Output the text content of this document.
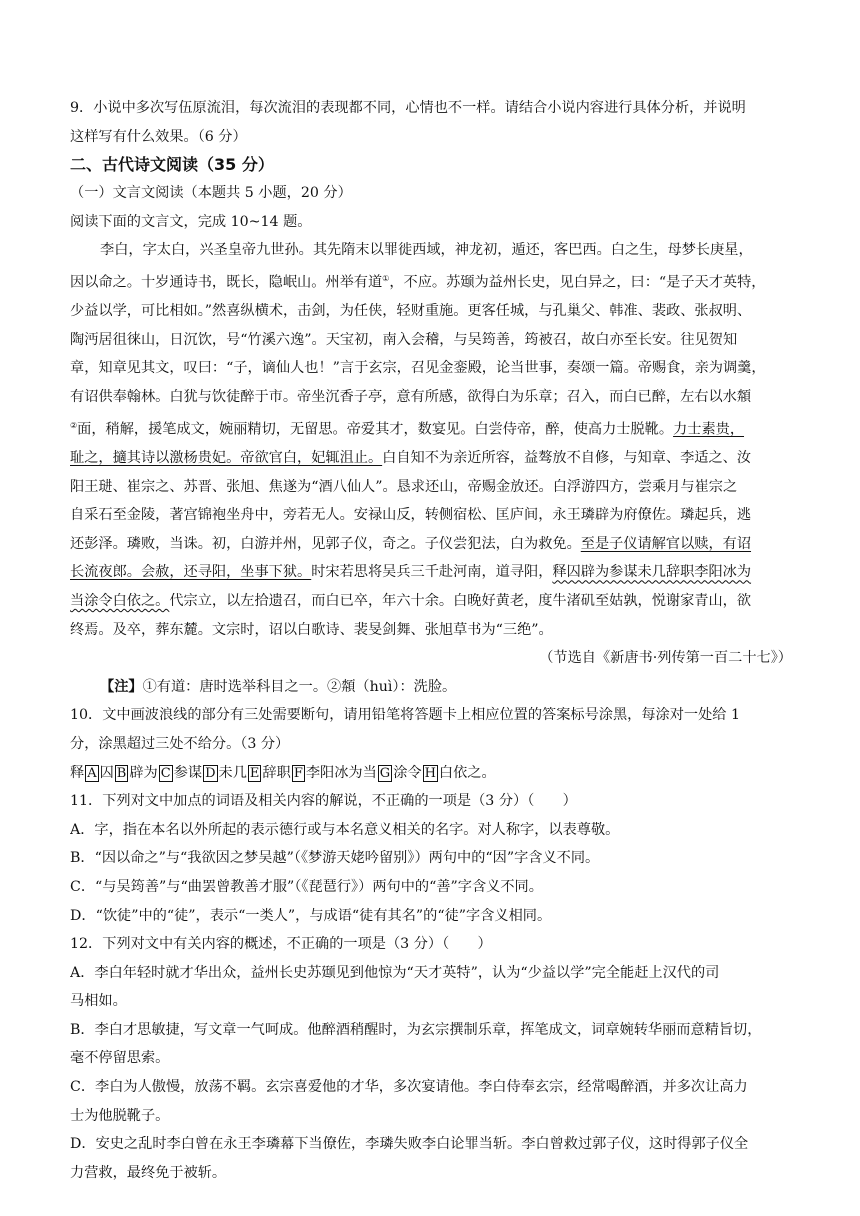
9．小说中多次写伍原流泪，每次流泪的表现都不同，心情也不一样。请结合小说内容进行具体分析，并说明
这样写有什么效果。（6 分）
二、古代诗文阅读（35 分）
（一）文言文阅读（本题共 5 小题，20 分）
阅读下面的文言文，完成 10~14 题。
李白，字太白，兴圣皇帝九世孙。其先隋末以罪徙西域，神龙初，遁还，客巴西。白之生，母梦长庚星，
因以命之。十岁通诗书，既长，隐岷山。州举有道①，不应。苏颋为益州长史，见白异之，曰：“是子天才英特，
少益以学，可比相如。”然喜纵横术，击剑，为任侠，轻财重施。更客任城，与孔巢父、韩准、裴政、张叔明、
陶沔居徂徕山，日沉饮，号“竹溪六逸”。天宝初，南入会稽，与吴筠善，筠被召，故白亦至长安。往见贺知
章，知章见其文，叹曰：“子，谪仙人也！”言于玄宗，召见金銮殿，论当世事，奏颂一篇。帝赐食，亲为调羹，
有诏供奉翰林。白犹与饮徒醉于市。帝坐沉香子亭，意有所感，欲得白为乐章；召入，而白已醉，左右以水頮
②面，稍解，援笔成文，婉丽精切，无留思。帝爱其才，数宴见。白尝侍帝，醉，使高力士脱靴。力士素贵，
耻之，擿其诗以激杨贵妃。帝欲官白，妃辄沮止。白自知不为亲近所容，益骜放不自修，与知章、李适之、汝
阳王琎、崔宗之、苏晋、张旭、焦遂为“酒八仙人”。恳求还山，帝赐金放还。白浮游四方，尝乘月与崔宗之
自采石至金陵，著宫锦袍坐舟中，旁若无人。安禄山反，转侧宿松、匡庐间，永王璘辟为府僚佐。璘起兵，逃
还彭泽。璘败，当诛。初，白游并州，见郭子仪，奇之。子仪尝犯法，白为救免。至是子仪请解官以赎，有诏
长流夜郎。会赦，还寻阳，坐事下狱。时宋若思将吴兵三千赴河南，道寻阳，释囚辟为参谋未几辞职李阳冰为
当涂令白依之。代宗立，以左拾遗召，而白已卒，年六十余。白晚好黄老，度牛渚矶至姑孰，悦谢家青山，欲
终焉。及卒，葬东麓。文宗时，诏以白歌诗、裴旻剑舞、张旭草书为“三绝”。
（节选自《新唐书·列传第一百二十七》）
【注】①有道：唐时选举科目之一。②頮（huì）：洗脸。
10．文中画波浪线的部分有三处需要断句，请用铅笔将答题卡上相应位置的答案标号涂黑，每涂对一处给 1
分，涂黑超过三处不给分。（3 分）
释 A 囚 B 辟为 C 参谋 D 未几 E 辞职 F 李阳冰为当 G 涂令 H 白依之。
11．下列对文中加点的词语及相关内容的解说，不正确的一项是（3 分）（　　）
A．字，指在本名以外所起的表示德行或与本名意义相关的名字。对人称字，以表尊敬。
B．“因以命之”与“我欲因之梦吴越”（《梦游天姥吟留别》）两句中的“因”字含义不同。
C．“与吴筠善”与“曲罢曾教善才服”（《琵琶行》）两句中的“善”字含义不同。
D．“饮徒”中的“徒”，表示“一类人”，与成语“徒有其名”的“徒”字含义相同。
12．下列对文中有关内容的概述，不正确的一项是（3 分）（　　）
A．李白年轻时就才华出众，益州长史苏颋见到他惊为“天才英特”，认为“少益以学”完全能赶上汉代的司
马相如。
B．李白才思敏捷，写文章一气呵成。他醉酒稍醒时，为玄宗撰制乐章，挥笔成文，词章婉转华丽而意精旨切，
毫不停留思索。
C．李白为人傲慢，放荡不羁。玄宗喜爱他的才华，多次宴请他。李白侍奉玄宗，经常喝醉酒，并多次让高力
士为他脱靴子。
D．安史之乱时李白曾在永王李璘幕下当僚佐，李璘失败李白论罪当斩。李白曾救过郭子仪，这时得郭子仪全
力营救，最终免于被斩。
